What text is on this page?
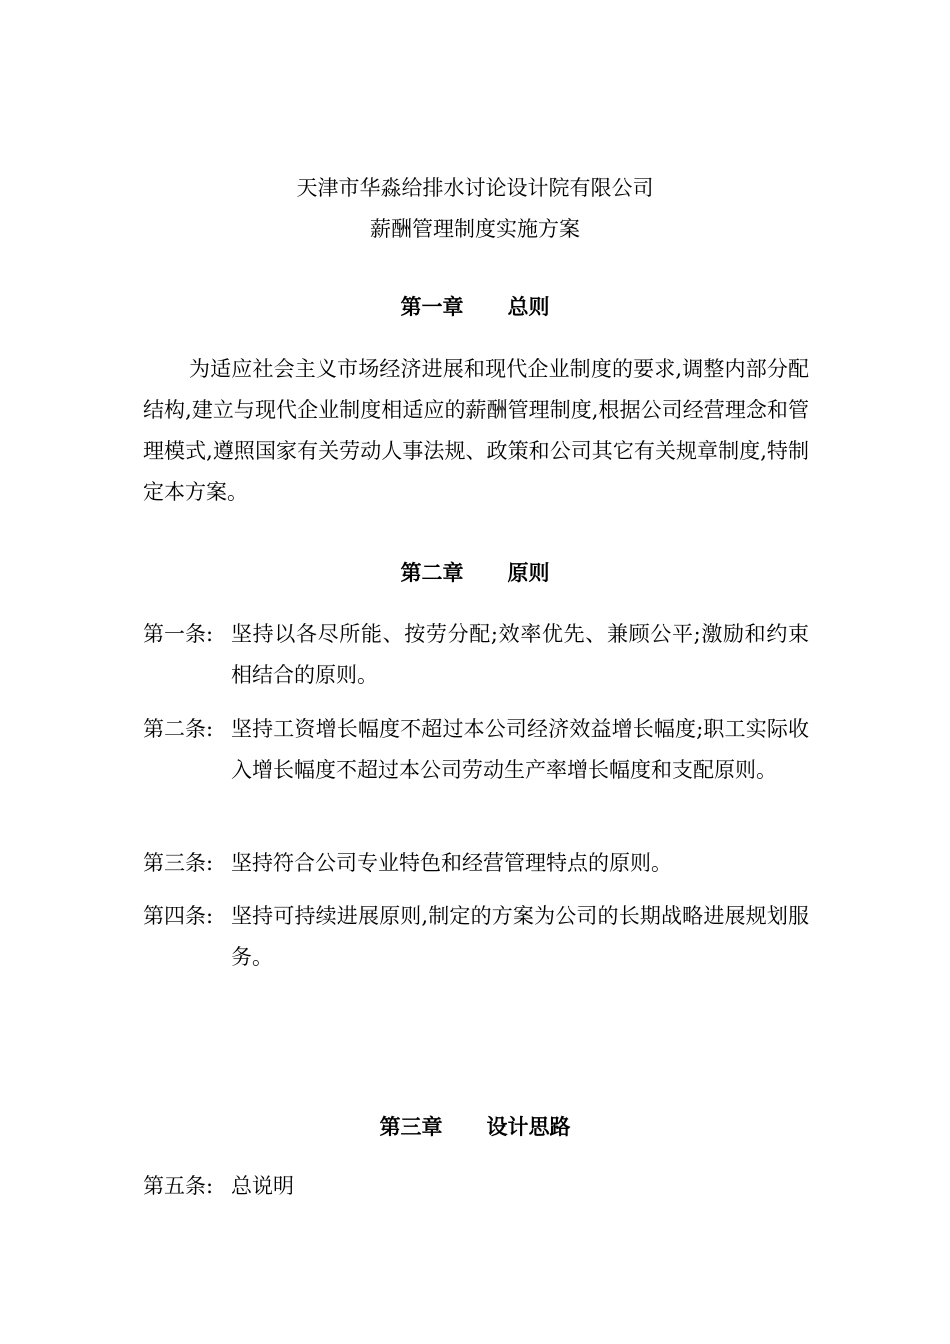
天津市华淼给排水讨论设计院有限公司
薪酬管理制度实施方案
第一章 总则
为适应社会主义市场经济进展和现代企业制度的要求,调整内部分配结构,建立与现代企业制度相适应的薪酬管理制度,根据公司经营理念和管理模式,遵照国家有关劳动人事法规、政策和公司其它有关规章制度,特制定本方案。
第二章 原则
第一条: 坚持以各尽所能、按劳分配;效率优先、兼顾公平;激励和约束相结合的原则。
第二条: 坚持工资增长幅度不超过本公司经济效益增长幅度;职工实际收入增长幅度不超过本公司劳动生产率增长幅度和支配原则。
第三条: 坚持符合公司专业特色和经营管理特点的原则。
第四条: 坚持可持续进展原则,制定的方案为公司的长期战略进展规划服务。
第三章 设计思路
第五条: 总说明
